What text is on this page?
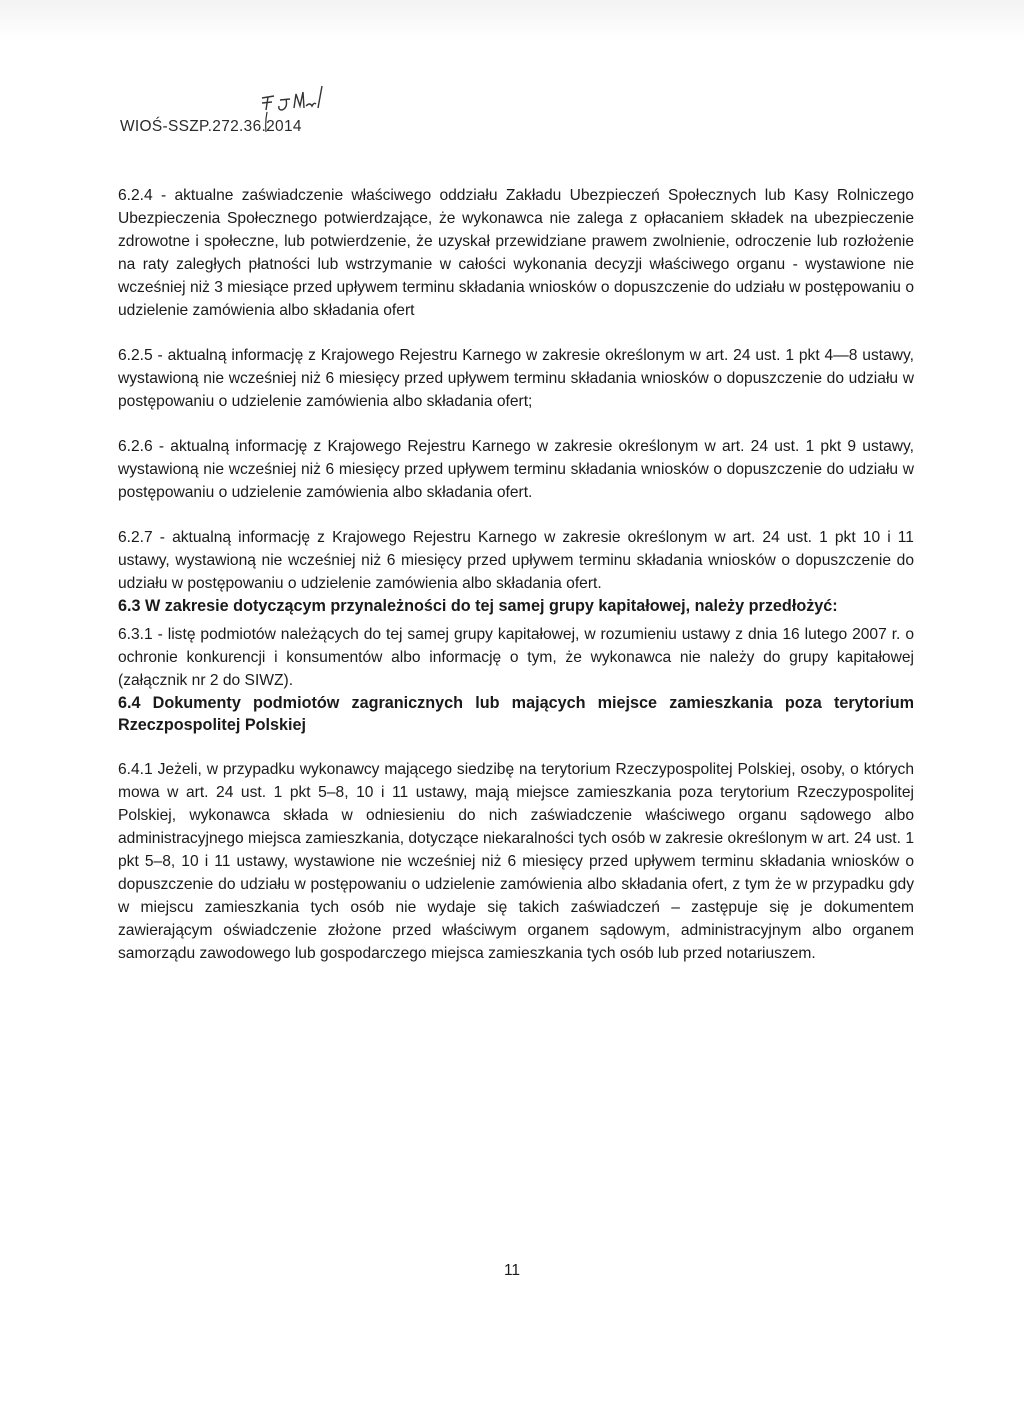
WIOŚ-SSZP.272.36.2014

6.2.4 - aktualne zaświadczenie właściwego oddziału Zakładu Ubezpieczeń Społecznych lub Kasy Rolniczego Ubezpieczenia Społecznego potwierdzające, że wykonawca nie zalega z opłacaniem składek na ubezpieczenie zdrowotne i społeczne, lub potwierdzenie, że uzyskał przewidziane prawem zwolnienie, odroczenie lub rozłożenie na raty zaległych płatności lub wstrzymanie w całości wykonania decyzji właściwego organu - wystawione nie wcześniej niż 3 miesiące przed upływem terminu składania wniosków o dopuszczenie do udziału w postępowaniu o udzielenie zamówienia albo składania ofert

6.2.5 - aktualną informację z Krajowego Rejestru Karnego w zakresie określonym w art. 24 ust. 1 pkt 4—8 ustawy, wystawioną nie wcześniej niż 6 miesięcy przed upływem terminu składania wniosków o dopuszczenie do udziału w postępowaniu o udzielenie zamówienia albo składania ofert;

6.2.6 - aktualną informację z Krajowego Rejestru Karnego w zakresie określonym w art. 24 ust. 1 pkt 9 ustawy, wystawioną nie wcześniej niż 6 miesięcy przed upływem terminu składania wniosków o dopuszczenie do udziału w postępowaniu o udzielenie zamówienia albo składania ofert.

6.2.7 - aktualną informację z Krajowego Rejestru Karnego w zakresie określonym w art. 24 ust. 1 pkt 10 i 11 ustawy, wystawioną nie wcześniej niż 6 miesięcy przed upływem terminu składania wniosków o dopuszczenie do udziału w postępowaniu o udzielenie zamówienia albo składania ofert.

6.3 W zakresie dotyczącym przynależności do tej samej grupy kapitałowej, należy przedłożyć:

6.3.1 - listę podmiotów należących do tej samej grupy kapitałowej, w rozumieniu ustawy z dnia 16 lutego 2007 r. o ochronie konkurencji i konsumentów albo informację o tym, że wykonawca nie należy do grupy kapitałowej (załącznik nr 2 do SIWZ).

6.4 Dokumenty podmiotów zagranicznych lub mających miejsce zamieszkania poza terytorium Rzeczpospolitej Polskiej

6.4.1 Jeżeli, w przypadku wykonawcy mającego siedzibę na terytorium Rzeczypospolitej Polskiej, osoby, o których mowa w art. 24 ust. 1 pkt 5–8, 10 i 11 ustawy, mają miejsce zamieszkania poza terytorium Rzeczypospolitej Polskiej, wykonawca składa w odniesieniu do nich zaświadczenie właściwego organu sądowego albo administracyjnego miejsca zamieszkania, dotyczące niekaralności tych osób w zakresie określonym w art. 24 ust. 1 pkt 5–8, 10 i 11 ustawy, wystawione nie wcześniej niż 6 miesięcy przed upływem terminu składania wniosków o dopuszczenie do udziału w postępowaniu o udzielenie zamówienia albo składania ofert, z tym że w przypadku gdy w miejscu zamieszkania tych osób nie wydaje się takich zaświadczeń – zastępuje się je dokumentem zawierającym oświadczenie złożone przed właściwym organem sądowym, administracyjnym albo organem samorządu zawodowego lub gospodarczego miejsca zamieszkania tych osób lub przed notariuszem.

11
